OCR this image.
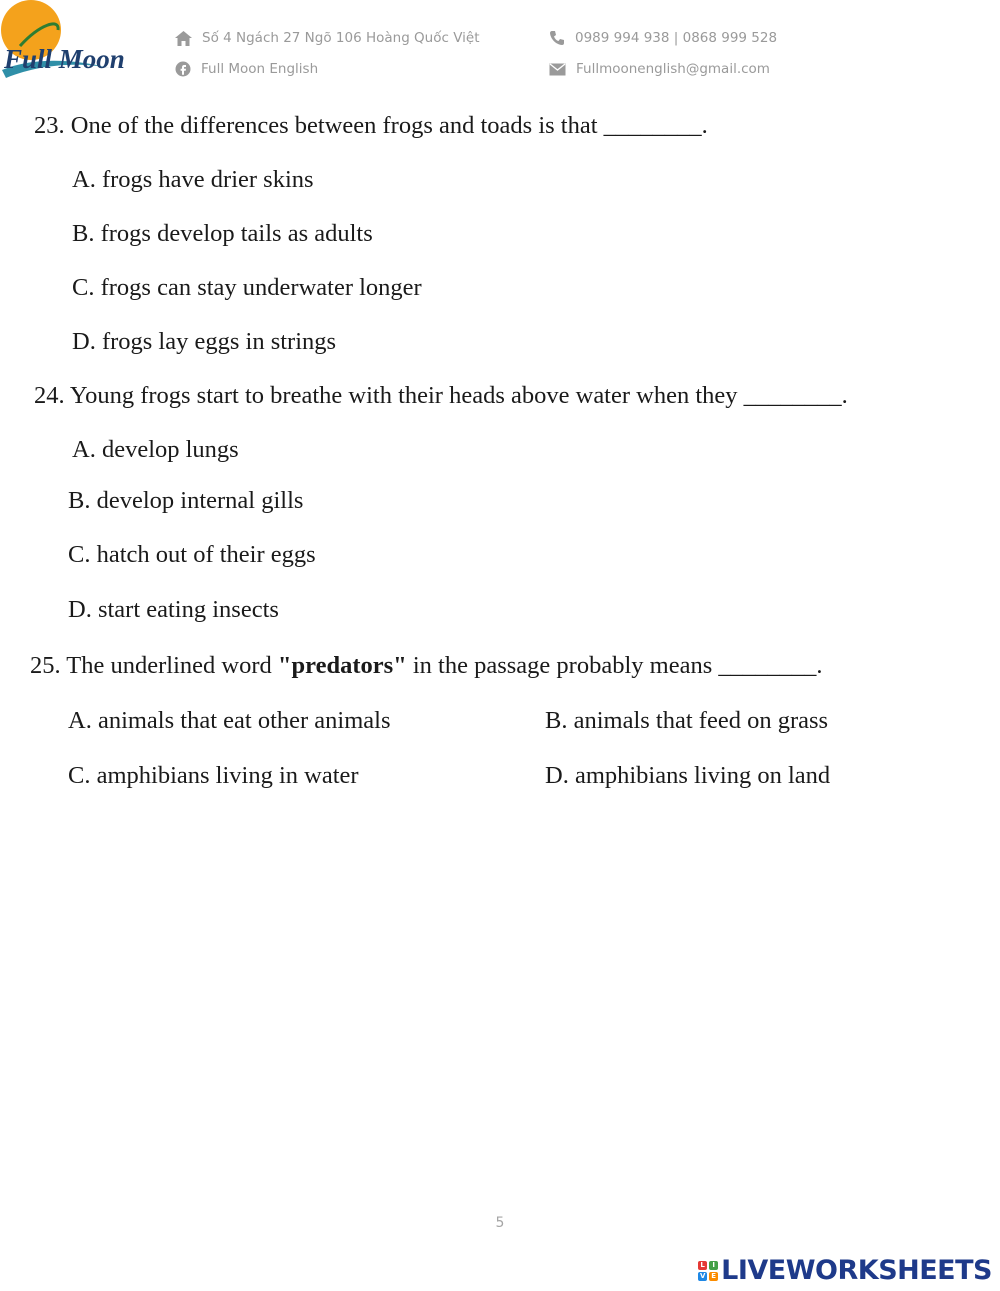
Full Moon
Số 4 Ngách 27 Ngõ 106 Hoàng Quốc Việt
Full Moon English
0989 994 938 | 0868 999 528
Fullmoonenglish@gmail.com
23. One of the differences between frogs and toads is that ________.
A. frogs have drier skins
B. frogs develop tails as adults
C. frogs can stay underwater longer
D. frogs lay eggs in strings
24. Young frogs start to breathe with their heads above water when they ________.
A. develop lungs
B. develop internal gills
C. hatch out of their eggs
D. start eating insects
25. The underlined word "predators" in the passage probably means ________.
A. animals that eat other animals	B. animals that feed on grass
C. amphibians living in water	D. amphibians living on land
5
L	I
V E LIVEWORKSHEETS
